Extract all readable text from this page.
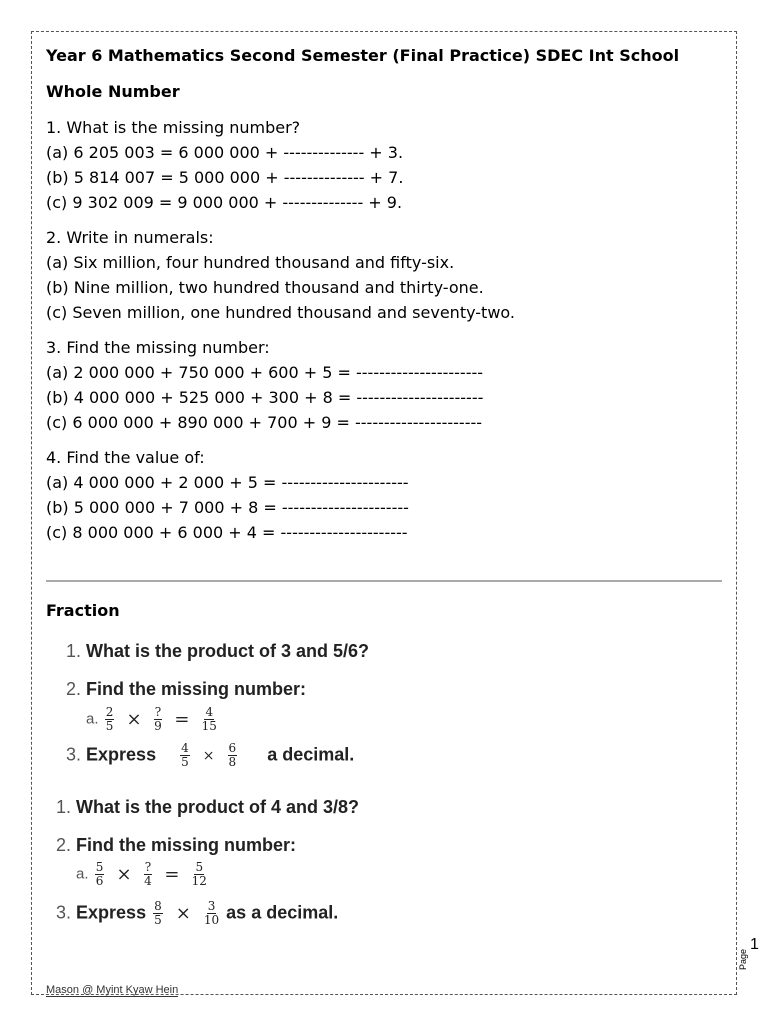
Year 6 Mathematics Second Semester (Final Practice) SDEC Int School

Whole Number

1. What is the missing number?
(a) 6 205 003 = 6 000 000 + -------------- + 3.
(b) 5 814 007 = 5 000 000 + -------------- + 7.
(c) 9 302 009 = 9 000 000 + -------------- + 9.
2. Write in numerals:
(a) Six million, four hundred thousand and fifty-six.
(b) Nine million, two hundred thousand and thirty-one.
(c) Seven million, one hundred thousand and seventy-two.
3. Find the missing number:
(a) 2 000 000 + 750 000 + 600 + 5 = ----------------------
(b) 4 000 000 + 525 000 + 300 + 8 = ----------------------
(c) 6 000 000 + 890 000 + 700 + 9 = ----------------------
4. Find the value of:
(a) 4 000 000 + 2 000 + 5 = ----------------------
(b) 5 000 000 + 7 000 + 8 = ----------------------
(c) 8 000 000 + 6 000 + 4 = ----------------------

Fraction

1. What is the product of 3 and 5/6?
2. Find the missing number:
a. $\frac{2}{5} \times \frac{?}{9} = \frac{4}{15}$
3. Express $\frac{4}{5} \times \frac{6}{8}$ a decimal.
1. What is the product of 4 and 3/8?
2. Find the missing number:
a. $\frac{5}{6} \times \frac{?}{4} = \frac{5}{12}$
3. Express $\frac{8}{5} \times \frac{3}{10}$ as a decimal.
Mason @ Myint Kyaw Hein
Page
1
